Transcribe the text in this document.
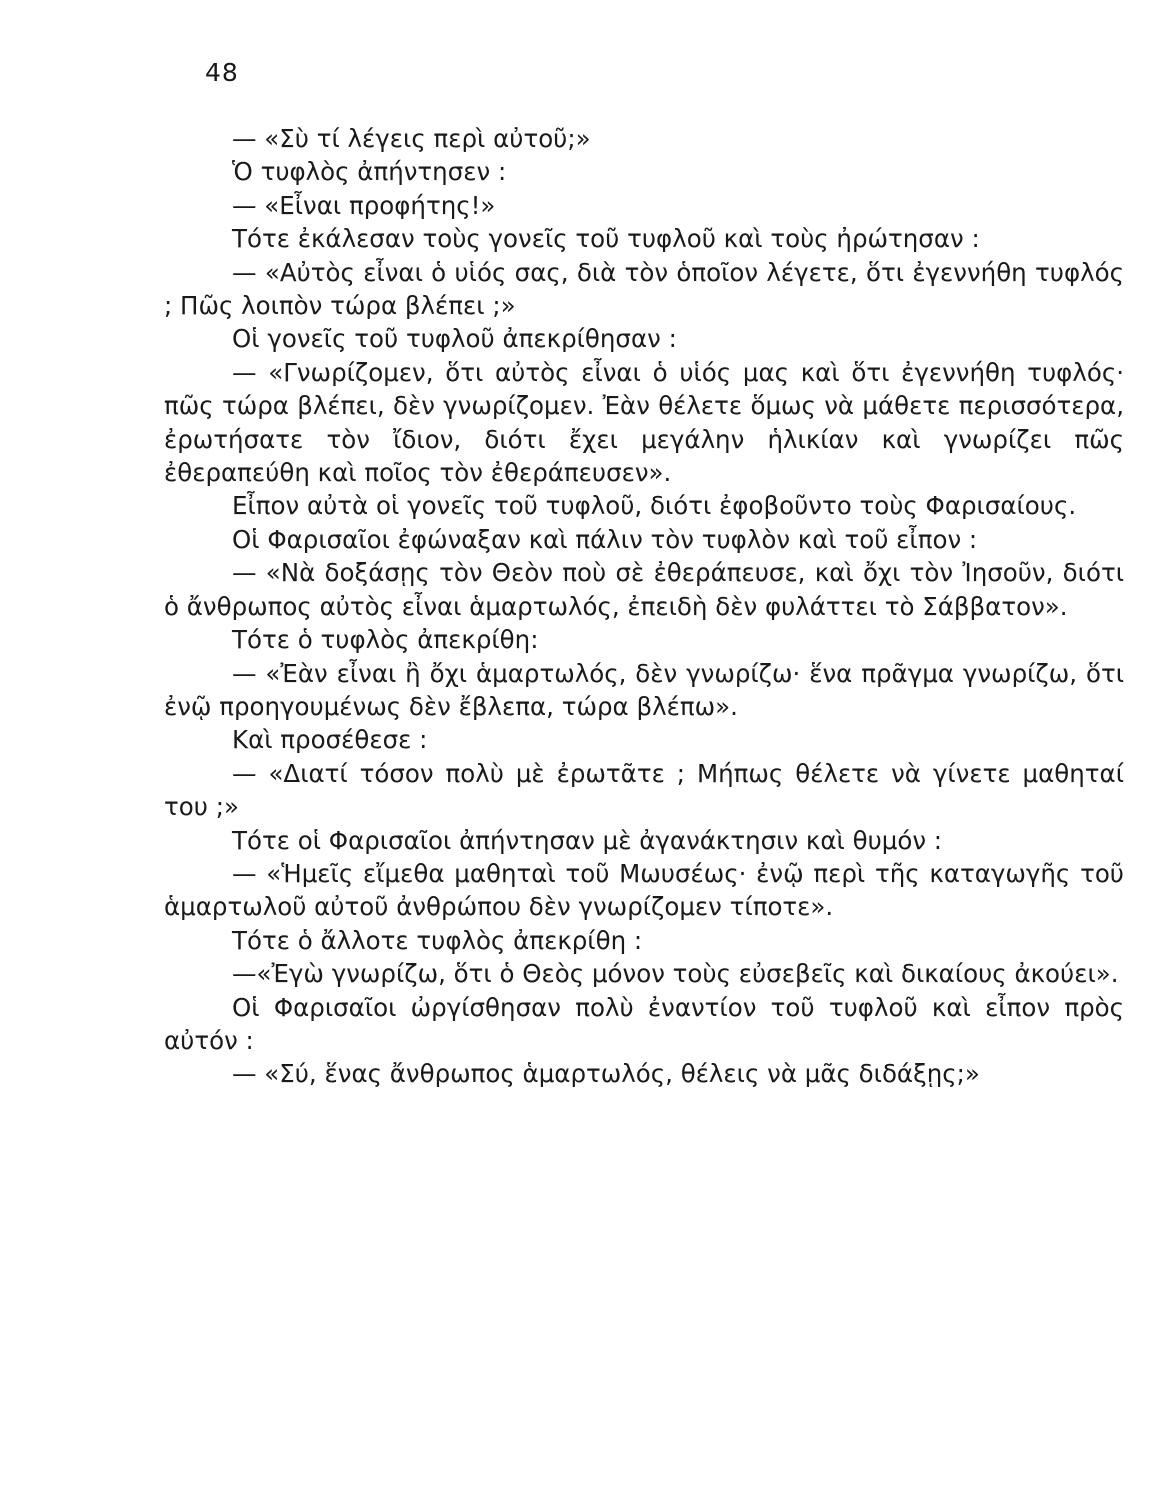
48

— «Σὺ τί λέγεις περὶ αὐτοῦ;»

Ὁ τυφλὸς ἀπήντησεν :

— «Εἶναι προφήτης!»

Τότε ἐκάλεσαν τοὺς γονεῖς τοῦ τυφλοῦ καὶ τοὺς ἠρώτησαν :

— «Αὐτὸς εἶναι ὁ υἱός σας, διὰ τὸν ὁποῖον λέγετε, ὅτι ἐγεννήθη τυφλός ; Πῶς λοιπὸν τώρα βλέπει ;»

Οἱ γονεῖς τοῦ τυφλοῦ ἀπεκρίθησαν :

— «Γνωρίζομεν, ὅτι αὐτὸς εἶναι ὁ υἱός μας καὶ ὅτι ἐγεννήθη τυφλός· πῶς τώρα βλέπει, δὲν γνωρίζομεν. Ἐὰν θέλετε ὅμως νὰ μάθετε περισσότερα, ἐρωτήσατε τὸν ἴδιον, διότι ἔχει μεγάλην ἡλικίαν καὶ γνωρίζει πῶς ἐθεραπεύθη καὶ ποῖος τὸν ἐθεράπευσεν».

Εἶπον αὐτὰ οἱ γονεῖς τοῦ τυφλοῦ, διότι ἐφοβοῦντο τοὺς Φαρισαίους.

Οἱ Φαρισαῖοι ἐφώναξαν καὶ πάλιν τὸν τυφλὸν καὶ τοῦ εἶπον :

— «Νὰ δοξάσῃς τὸν Θεὸν ποὺ σὲ ἐθεράπευσε, καὶ ὄχι τὸν Ἰησοῦν, διότι ὁ ἄνθρωπος αὐτὸς εἶναι ἁμαρτωλός, ἐπειδὴ δὲν φυλάττει τὸ Σάββατον».

Τότε ὁ τυφλὸς ἀπεκρίθη:

— «Ἐὰν εἶναι ἢ ὄχι ἁμαρτωλός, δὲν γνωρίζω· ἕνα πρᾶγμα γνωρίζω, ὅτι ἐνῷ προηγουμένως δὲν ἔβλεπα, τώρα βλέπω».

Καὶ προσέθεσε :

— «Διατί τόσον πολὺ μὲ ἐρωτᾶτε ; Μήπως θέλετε νὰ γίνετε μαθηταί του ;»

Τότε οἱ Φαρισαῖοι ἀπήντησαν μὲ ἀγανάκτησιν καὶ θυμόν :

— «Ἡμεῖς εἴμεθα μαθηταὶ τοῦ Μωυσέως· ἐνῷ περὶ τῆς καταγωγῆς τοῦ ἁμαρτωλοῦ αὐτοῦ ἀνθρώπου δὲν γνωρίζομεν τίποτε».

Τότε ὁ ἄλλοτε τυφλὸς ἀπεκρίθη :

—«Ἐγὼ γνωρίζω, ὅτι ὁ Θεὸς μόνον τοὺς εὐσεβεῖς καὶ δικαίους ἀκούει».

Οἱ Φαρισαῖοι ὠργίσθησαν πολὺ ἐναντίον τοῦ τυφλοῦ καὶ εἶπον πρὸς αὐτόν :

— «Σύ, ἕνας ἄνθρωπος ἁμαρτωλός, θέλεις νὰ μᾶς διδάξῃς;»
